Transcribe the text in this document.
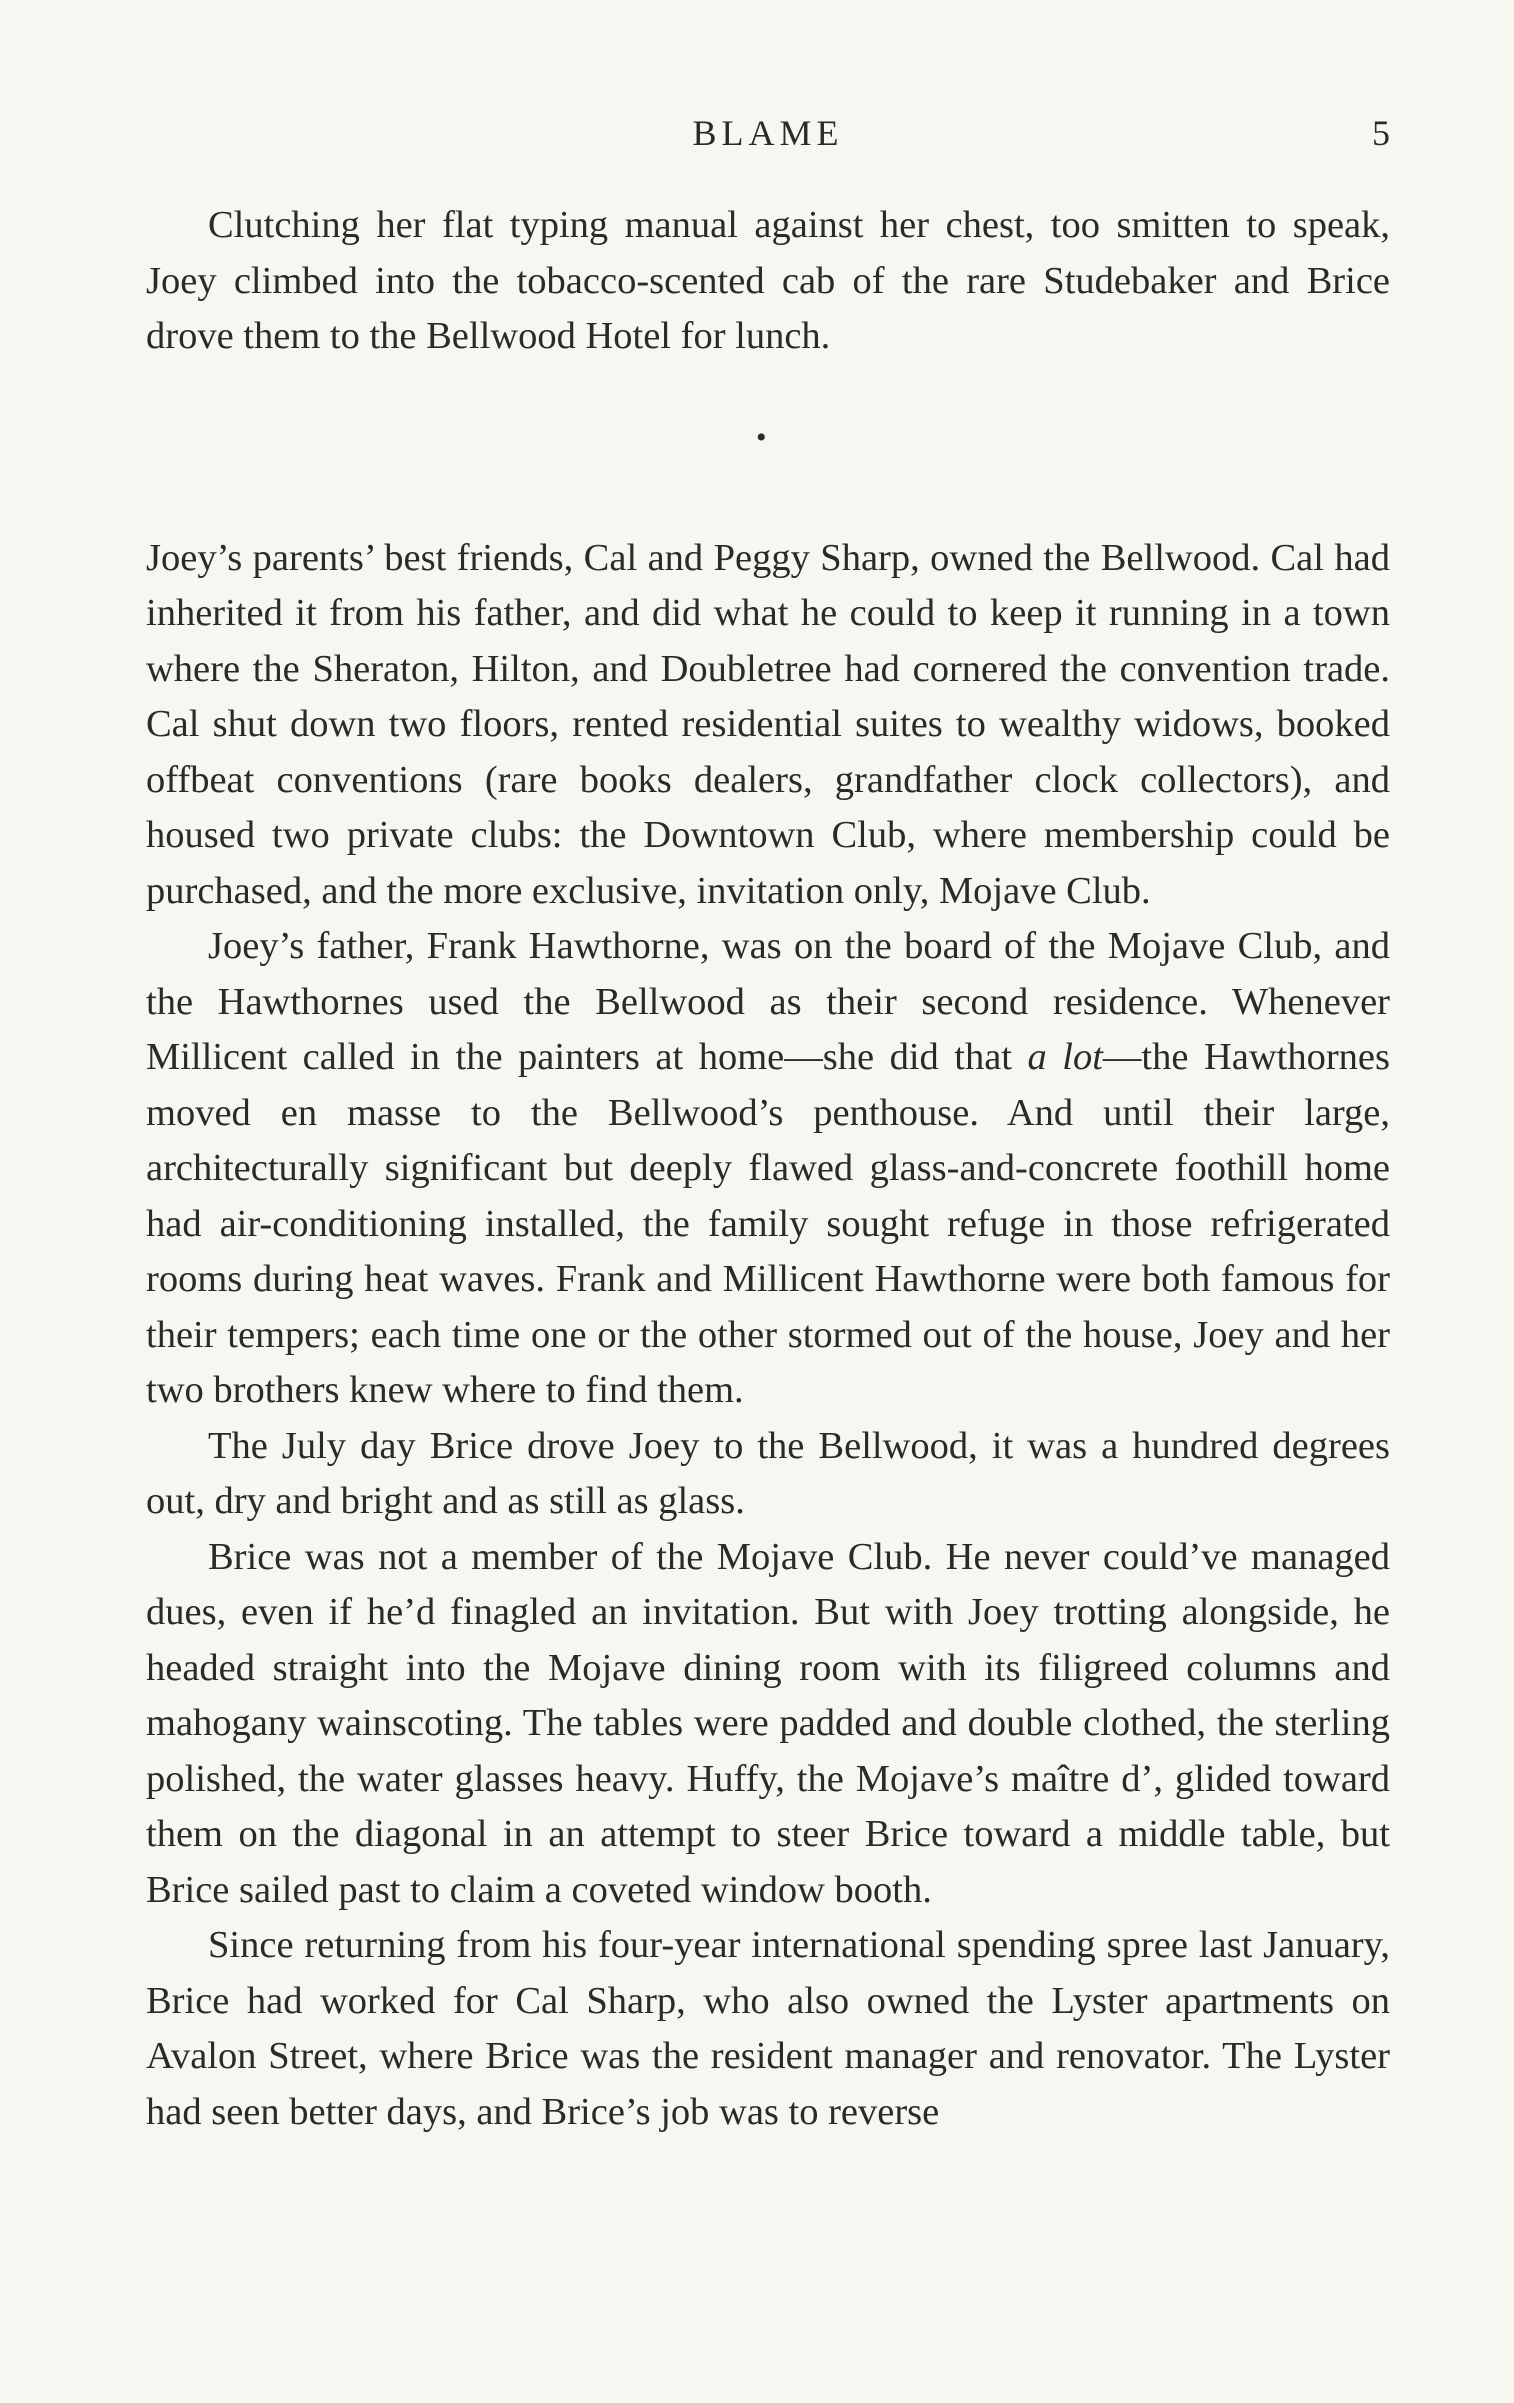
BLAME	5

Clutching her flat typing manual against her chest, too smitten to speak, Joey climbed into the tobacco-scented cab of the rare Studebaker and Brice drove them to the Bellwood Hotel for lunch.

•

Joey’s parents’ best friends, Cal and Peggy Sharp, owned the Bellwood. Cal had inherited it from his father, and did what he could to keep it running in a town where the Sheraton, Hilton, and Doubletree had cornered the convention trade. Cal shut down two floors, rented residential suites to wealthy widows, booked offbeat conventions (rare books dealers, grandfather clock collectors), and housed two private clubs: the Downtown Club, where membership could be purchased, and the more exclusive, invitation only, Mojave Club.

Joey’s father, Frank Hawthorne, was on the board of the Mojave Club, and the Hawthornes used the Bellwood as their second residence. Whenever Millicent called in the painters at home—she did that a lot—the Hawthornes moved en masse to the Bellwood’s penthouse. And until their large, architecturally significant but deeply flawed glass-and-concrete foothill home had air-conditioning installed, the family sought refuge in those refrigerated rooms during heat waves. Frank and Millicent Hawthorne were both famous for their tempers; each time one or the other stormed out of the house, Joey and her two brothers knew where to find them.

The July day Brice drove Joey to the Bellwood, it was a hundred degrees out, dry and bright and as still as glass.

Brice was not a member of the Mojave Club. He never could’ve managed dues, even if he’d finagled an invitation. But with Joey trotting alongside, he headed straight into the Mojave dining room with its filigreed columns and mahogany wainscoting. The tables were padded and double clothed, the sterling polished, the water glasses heavy. Huffy, the Mojave’s maître d’, glided toward them on the diagonal in an attempt to steer Brice toward a middle table, but Brice sailed past to claim a coveted window booth.

Since returning from his four-year international spending spree last January, Brice had worked for Cal Sharp, who also owned the Lyster apartments on Avalon Street, where Brice was the resident manager and renovator. The Lyster had seen better days, and Brice’s job was to reverse
